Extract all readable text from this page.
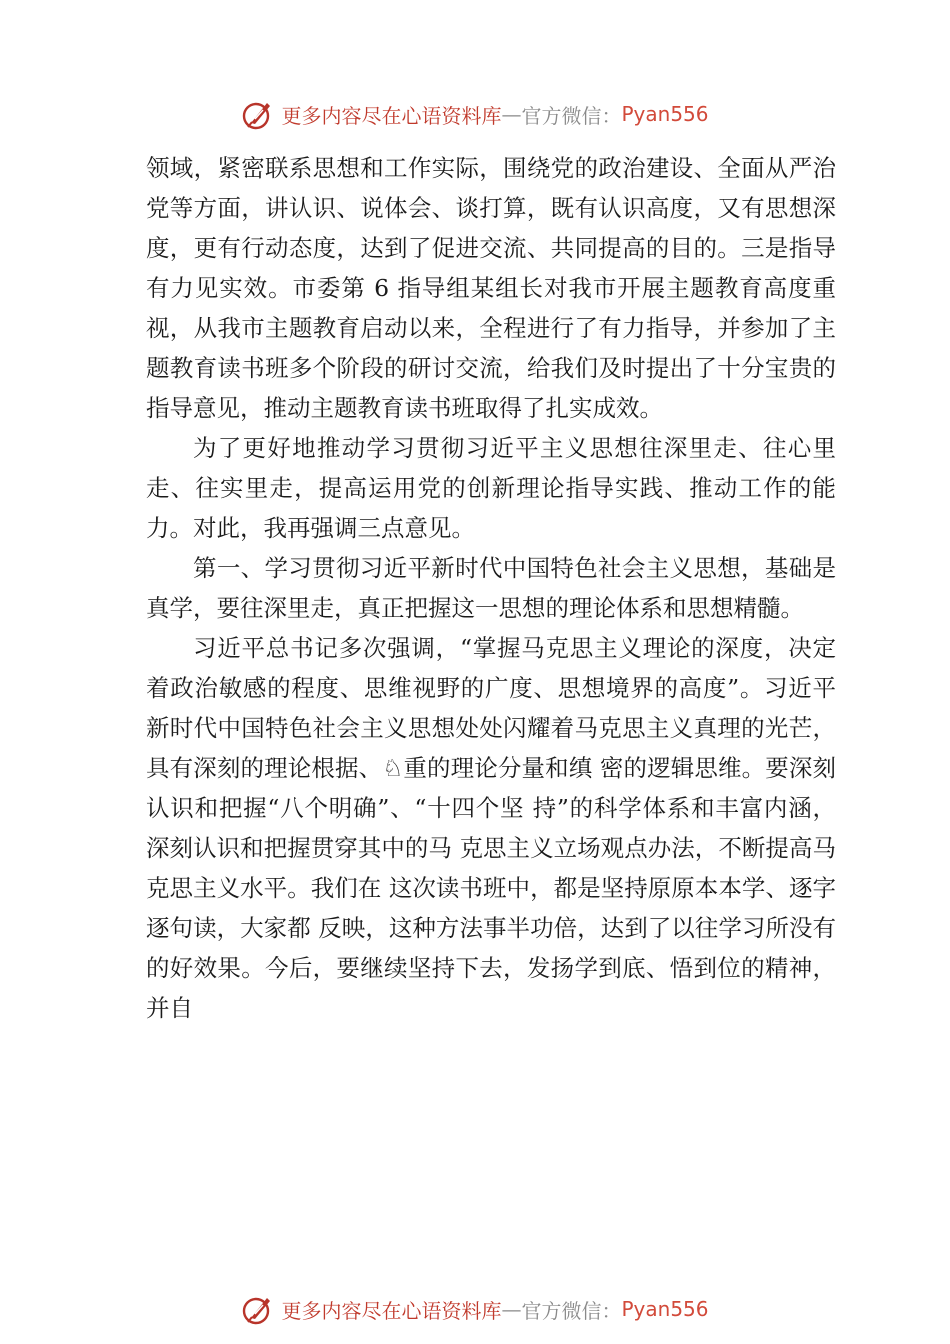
更多内容尽在心语资料库 — 官方微信： Pyan556

领域，紧密联系思想和工作实际，围绕党的政治建设、全面从严治党等方面，讲认识、说体会、谈打算，既有认识高度，又有思想深度，更有行动态度，达到了促进交流、共同提高的目的。三是指导有力见实效。市委第 6 指导组某组长对我市开展主题教育高度重视，从我市主题教育启动以来，全程进行了有力指导，并参加了主题教育读书班多个阶段的研讨交流，给我们及时提出了十分宝贵的指导意见，推动主题教育读书班取得了扎实成效。

为了更好地推动学习贯彻习近平主义思想往深里走、往心里走、往实里走，提高运用党的创新理论指导实践、推动工作的能力。对此，我再强调三点意见。

第一、学习贯彻习近平新时代中国特色社会主义思想，基础是真学，要往深里走，真正把握这一思想的理论体系和思想精髓。

习近平总书记多次强调，“掌握马克思主义理论的深度，决定着政治敏感的程度、思维视野的广度、思想境界的高度”。习近平新时代中国特色社会主义思想处处闪耀着马克思主义真理的光芒，具有深刻的理论根据、♘重的理论分量和缜 密的逻辑思维。要深刻认识和把握“八个明确”、“十四个坚 持”的科学体系和丰富内涵，深刻认识和把握贯穿其中的马 克思主义立场观点办法，不断提高马克思主义水平。我们在 这次读书班中，都是坚持原原本本学、逐字逐句读，大家都 反映，这种方法事半功倍，达到了以往学习所没有的好效果。今后，要继续坚持下去，发扬学到底、悟到位的精神，并自

更多内容尽在心语资料库 — 官方微信： Pyan556
